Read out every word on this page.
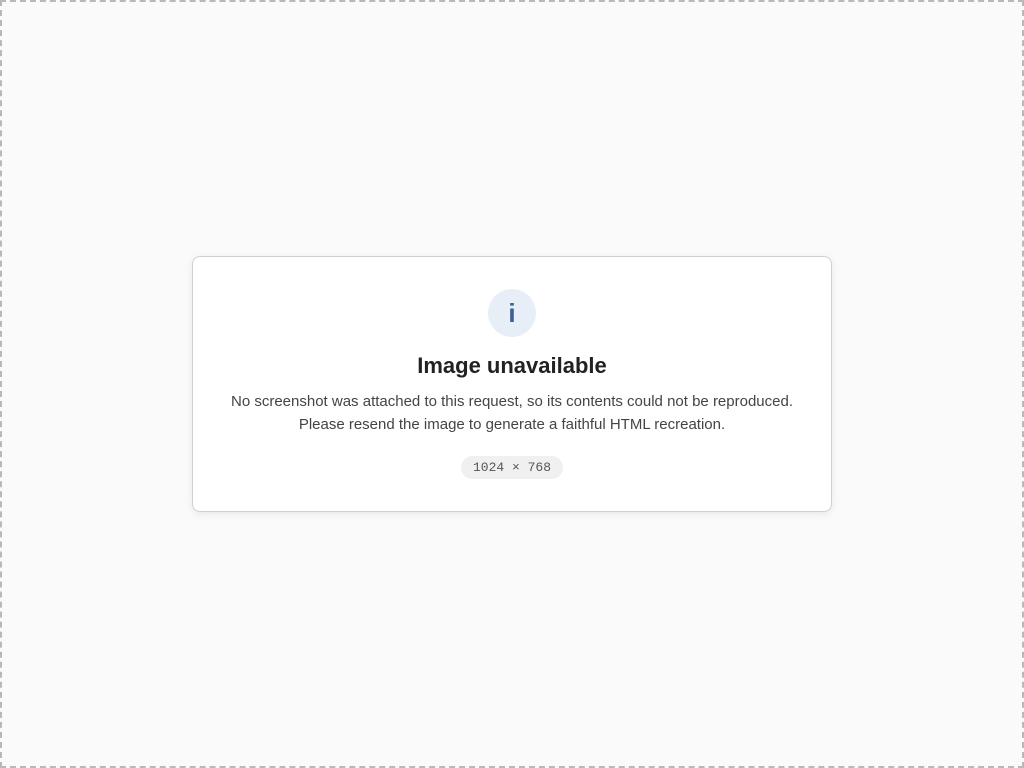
i
Image unavailable

No screenshot was attached to this request, so its contents could not be reproduced. Please resend the image to generate a faithful HTML recreation.

1024 × 768
